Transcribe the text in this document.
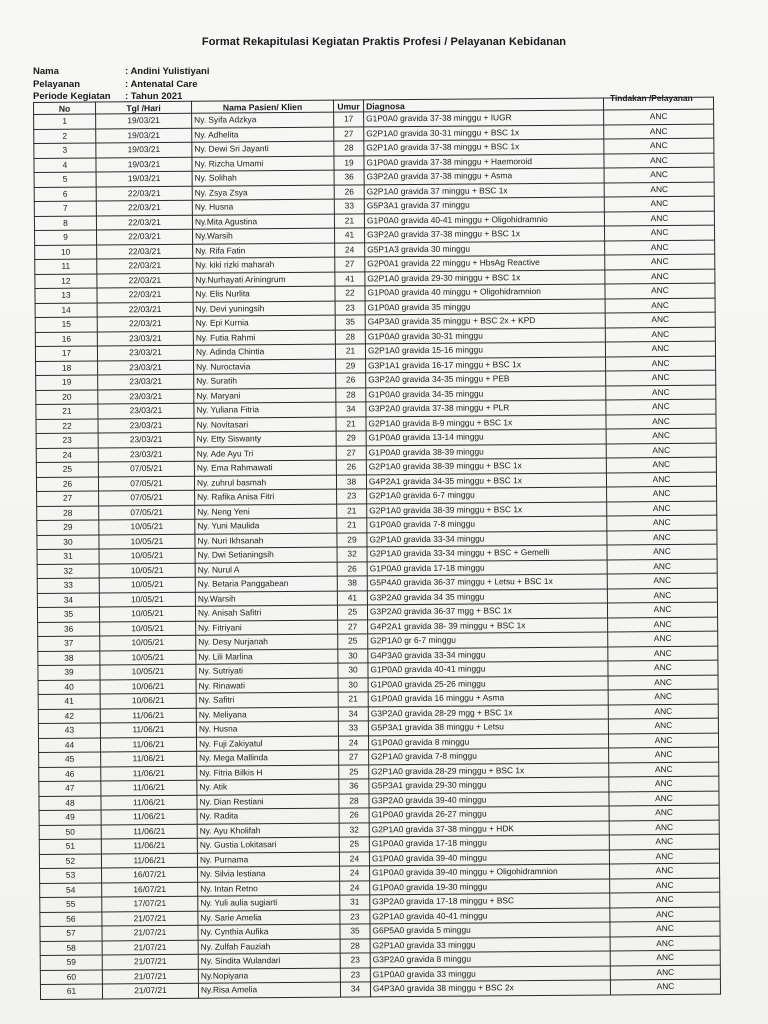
Format Rekapitulasi Kegiatan Praktis Profesi / Pelayanan Kebidanan
Nama	: Andini Yulistiyani
Pelayanan	: Antenatal Care
Periode Kegiatan	: Tahun 2021	Tindakan /Pelayanan
No	Tgl /Hari	Nama Pasien/ Klien	Umur	Diagnosa	
1	19/03/21	Ny. Syifa Adzkya	17	G1P0A0 gravida 37-38 minggu + IUGR	ANC
2	19/03/21	Ny. Adhelita	27	G2P1A0 gravida 30-31 minggu + BSC 1x	ANC
3	19/03/21	Ny. Dewi Sri Jayanti	28	G2P1A0 gravida 37-38 minggu + BSC 1x	ANC
4	19/03/21	Ny. Rizcha Umami	19	G1P0A0 gravida 37-38 minggu + Haemoroid	ANC
5	19/03/21	Ny. Solihah	36	G3P2A0 gravida 37-38 minggu + Asma	ANC
6	22/03/21	Ny. Zsya Zsya	26	G2P1A0 gravida 37 minggu + BSC 1x	ANC
7	22/03/21	Ny. Husna	33	G5P3A1 gravida 37 minggu	ANC
8	22/03/21	Ny.Mita Agustina	21	G1P0A0 gravida 40-41 minggu + Oligohidramnio	ANC
9	22/03/21	Ny.Warsih	41	G3P2A0 gravida 37-38 minggu + BSC 1x	ANC
10	22/03/21	Ny. Rifa Fatin	24	G5P1A3 gravida 30 minggu	ANC
11	22/03/21	Ny. kiki rizki maharah	27	G2P0A1 gravida 22 minggu + HbsAg Reactive	ANC
12	22/03/21	Ny.Nurhayati Ariningrum	41	G2P1A0 gravida 29-30 minggu + BSC 1x	ANC
13	22/03/21	Ny. Elis Nurlita	22	G1P0A0 gravida 40 minggu + Oligohidramnion	ANC
14	22/03/21	Ny. Devi yuningsih	23	G1P0A0 gravida 35 minggu	ANC
15	22/03/21	Ny. Epi Kurnia	35	G4P3A0 gravida 35 minggu + BSC 2x + KPD	ANC
16	23/03/21	Ny. Futia Rahmi	28	G1P0A0 gravida 30-31 minggu	ANC
17	23/03/21	Ny. Adinda Chintia	21	G2P1A0 gravida 15-16 minggu	ANC
18	23/03/21	Ny. Nuroctavia	29	G3P1A1 gravida 16-17 minggu + BSC 1x	ANC
19	23/03/21	Ny. Suratih	26	G3P2A0 gravida 34-35 minggu + PEB	ANC
20	23/03/21	Ny. Maryani	28	G1P0A0 gravida 34-35 minggu	ANC
21	23/03/21	Ny. Yuliana Fitria	34	G3P2A0 gravida 37-38 minggu + PLR	ANC
22	23/03/21	Ny. Novitasari	21	G2P1A0 gravida 8-9 minggu + BSC 1x	ANC
23	23/03/21	Ny. Etty Siswanty	29	G1P0A0 gravida 13-14 minggu	ANC
24	23/03/21	Ny. Ade Ayu Tri	27	G1P0A0 gravida 38-39 minggu	ANC
25	07/05/21	Ny. Ema Rahmawati	26	G2P1A0 gravida 38-39 minggu + BSC 1x	ANC
26	07/05/21	Ny. zuhrul basmah	38	G4P2A1 gravida 34-35 minggu + BSC 1x	ANC
27	07/05/21	Ny. Rafika Anisa Fitri	23	G2P1A0 gravida 6-7 minggu	ANC
28	07/05/21	Ny. Neng Yeni	21	G2P1A0 gravida 38-39 minggu + BSC 1x	ANC
29	10/05/21	Ny. Yuni Maulida	21	G1P0A0 gravida 7-8 minggu	ANC
30	10/05/21	Ny. Nuri Ikhsanah	29	G2P1A0 gravida 33-34 minggu	ANC
31	10/05/21	Ny. Dwi Setianingsih	32	G2P1A0 gravida 33-34 minggu + BSC + Gemelli	ANC
32	10/05/21	Ny. Nurul A	26	G1P0A0 gravida 17-18 minggu	ANC
33	10/05/21	Ny. Betaria Panggabean	38	G5P4A0 gravida 36-37 minggu + Letsu + BSC 1x	ANC
34	10/05/21	Ny.Warsih	41	G3P2A0 gravida 34 35 minggu	ANC
35	10/05/21	Ny. Anisah Safitri	25	G3P2A0 gravida 36-37 mgg + BSC 1x	ANC
36	10/05/21	Ny. Fitriyani	27	G4P2A1 gravida 38- 39 minggu + BSC 1x	ANC
37	10/05/21	Ny. Desy Nurjanah	25	G2P1A0 gr 6-7 minggu	ANC
38	10/05/21	Ny. Lili Marlina	30	G4P3A0 gravida 33-34 minggu	ANC
39	10/05/21	Ny. Sutriyati	30	G1P0A0 gravida 40-41 minggu	ANC
40	10/06/21	Ny. Rinawati	30	G1P0A0 gravida 25-26 minggu	ANC
41	10/06/21	Ny. Safitri	21	G1P0A0 gravida 16 minggu + Asma	ANC
42	11/06/21	Ny. Meliyana	34	G3P2A0 gravida 28-29 mgg + BSC 1x	ANC
43	11/06/21	Ny. Husna	33	G5P3A1 gravida 38 minggu + Letsu	ANC
44	11/06/21	Ny. Fuji Zakiyatul	24	G1P0A0 gravida 8 minggu	ANC
45	11/06/21	Ny. Mega Mallinda	27	G2P1A0 gravida 7-8 minggu	ANC
46	11/06/21	Ny. Fitria Bilkis H	25	G2P1A0 gravida 28-29 minggu + BSC 1x	ANC
47	11/06/21	Ny. Atik	36	G5P3A1 gravida 29-30 minggu	ANC
48	11/06/21	Ny. Dian Restiani	28	G3P2A0 gravida 39-40 minggu	ANC
49	11/06/21	Ny. Radita	26	G1P0A0 gravida 26-27 minggu	ANC
50	11/06/21	Ny. Ayu Kholifah	32	G2P1A0 gravida 37-38 minggu + HDK	ANC
51	11/06/21	Ny. Gustia Lokitasari	25	G1P0A0 gravida 17-18 minggu	ANC
52	11/06/21	Ny. Purnama	24	G1P0A0 gravida 39-40 minggu	ANC
53	16/07/21	Ny. Silvia lestiana	24	G1P0A0 gravida 39-40 minggu + Oligohidramnion	ANC
54	16/07/21	Ny. Intan Retno	24	G1P0A0 gravida 19-30 minggu	ANC
55	17/07/21	Ny. Yuli aulia sugiarti	31	G3P2A0 gravida 17-18 minggu + BSC	ANC
56	21/07/21	Ny. Sarie Amelia	23	G2P1A0 gravida 40-41 minggu	ANC
57	21/07/21	Ny. Cynthia Aufika	35	G6P5A0 gravida 5 minggu	ANC
58	21/07/21	Ny. Zulfah Fauziah	28	G2P1A0 gravida 33 minggu	ANC
59	21/07/21	Ny. Sindita Wulandari	23	G3P2A0 gravida 8 minggu	ANC
60	21/07/21	Ny.Nopiyana	23	G1P0A0 gravida 33 minggu	ANC
61	21/07/21	Ny.Risa Amelia	34	G4P3A0 gravida 38 minggu + BSC 2x	ANC
